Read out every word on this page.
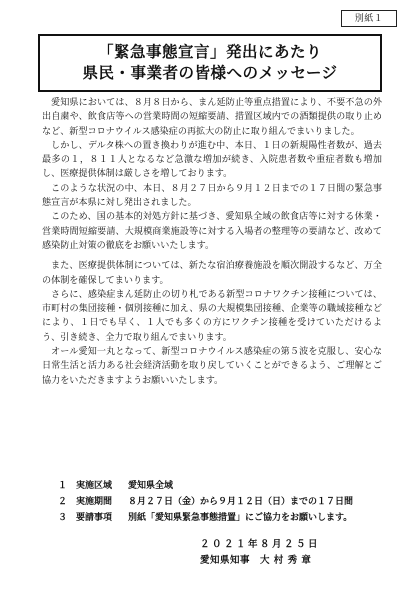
別紙１
「緊急事態宣言」発出にあたり
県民・事業者の皆様へのメッセージ

愛知県においては、８月８日から、まん延防止等重点措置により、不要不急の外出自粛や、飲食店等への営業時間の短縮要請、措置区域内での酒類提供の取り止めなど、新型コロナウイルス感染症の再拡大の防止に取り組んでまいりました。

しかし、デルタ株への置き換わりが進む中、本日、１日の新規陽性者数が、過去最多の１，８１１人となるなど急激な増加が続き、入院患者数や重症者数も増加し、医療提供体制は厳しさを増しております。

このような状況の中、本日、８月２７日から９月１２日までの１７日間の緊急事態宣言が本県に対し発出されました。

このため、国の基本的対処方針に基づき、愛知県全域の飲食店等に対する休業・営業時間短縮要請、大規模商業施設等に対する入場者の整理等の要請など、改めて感染防止対策の徹底をお願いいたします。

また、医療提供体制については、新たな宿泊療養施設を順次開設するなど、万全の体制を確保してまいります。

さらに、感染症まん延防止の切り札である新型コロナワクチン接種については、市町村の集団接種・個別接種に加え、県の大規模集団接種、企業等の職域接種などにより、１日でも早く、１人でも多くの方にワクチン接種を受けていただけるよう、引き続き、全力で取り組んでまいります。

オール愛知一丸となって、新型コロナウイルス感染症の第５波を克服し、安心な日常生活と活力ある社会経済活動を取り戻していくことができるよう、ご理解とご協力をいただきますようお願いいたします。

１ 実施区域	愛知県全域
２ 実施期間	８月２７日（金）から９月１２日（日）までの１７日間
３ 要請事項	別紙「愛知県緊急事態措置」にご協力をお願いします。
２０２１年８月２５日
愛知県知事　大 村 秀 章
